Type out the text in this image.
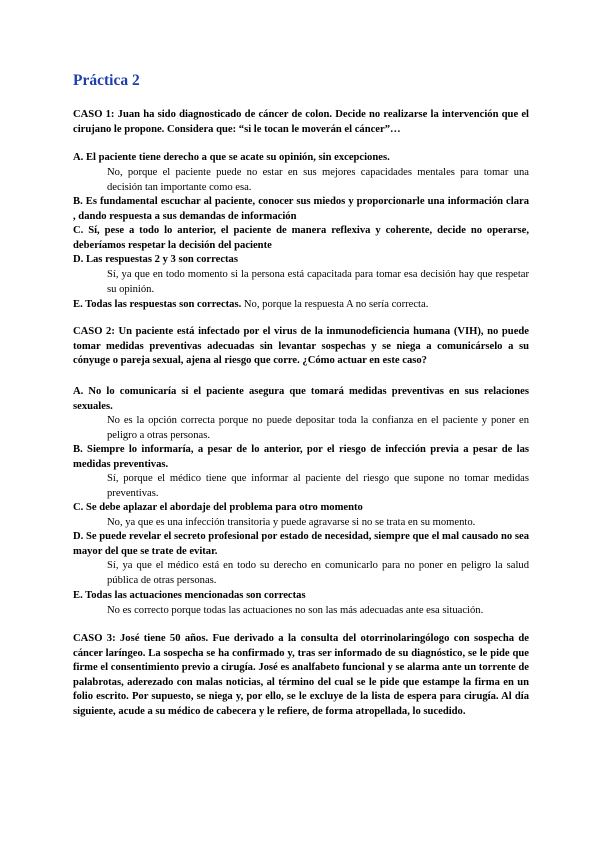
Práctica 2
CASO 1: Juan ha sido diagnosticado de cáncer de colon. Decide no realizarse la intervención que el cirujano le propone. Considera que: “si le tocan le moverán el cáncer”…
A. El paciente tiene derecho a que se acate su opinión, sin excepciones.
No, porque el paciente puede no estar en sus mejores capacidades mentales para tomar una decisión tan importante como esa.
B. Es fundamental escuchar al paciente, conocer sus miedos y proporcionarle una información clara , dando respuesta a sus demandas de información
C. Sí, pese a todo lo anterior, el paciente de manera reflexiva y coherente, decide no operarse, deberíamos respetar la decisión del paciente
D. Las respuestas 2 y 3 son correctas
Sí, ya que en todo momento si la persona está capacitada para tomar esa decisión hay que respetar su opinión.
E. Todas las respuestas son correctas. No, porque la respuesta A no sería correcta.
CASO 2: Un paciente está infectado por el virus de la inmunodeficiencia humana (VIH), no puede tomar medidas preventivas adecuadas sin levantar sospechas y se niega a comunicárselo a su cónyuge o pareja sexual, ajena al riesgo que corre. ¿Cómo actuar en este caso?
A. No lo comunicaría si el paciente asegura que tomará medidas preventivas en sus relaciones sexuales.
No es la opción correcta porque no puede depositar toda la confianza en el paciente y poner en peligro a otras personas.
B. Siempre lo informaría, a pesar de lo anterior, por el riesgo de infección previa a pesar de las medidas preventivas.
Sí, porque el médico tiene que informar al paciente del riesgo que supone no tomar medidas preventivas.
C. Se debe aplazar el abordaje del problema para otro momento
No, ya que es una infección transitoria y puede agravarse si no se trata en su momento.
D. Se puede revelar el secreto profesional por estado de necesidad, siempre que el mal causado no sea mayor del que se trate de evitar.
Sí, ya que el médico está en todo su derecho en comunicarlo para no poner en peligro la salud pública de otras personas.
E. Todas las actuaciones mencionadas son correctas
No es correcto porque todas las actuaciones no son las más adecuadas ante esa situación.
CASO 3: José tiene 50 años. Fue derivado a la consulta del otorrinolaringólogo con sospecha de cáncer laríngeo. La sospecha se ha confirmado y, tras ser informado de su diagnóstico, se le pide que firme el consentimiento previo a cirugía. José es analfabeto funcional y se alarma ante un torrente de palabrotas, aderezado con malas noticias, al término del cual se le pide que estampe la firma en un folio escrito. Por supuesto, se niega y, por ello, se le excluye de la lista de espera para cirugía. Al día siguiente, acude a su médico de cabecera y le refiere, de forma atropellada, lo sucedido.
